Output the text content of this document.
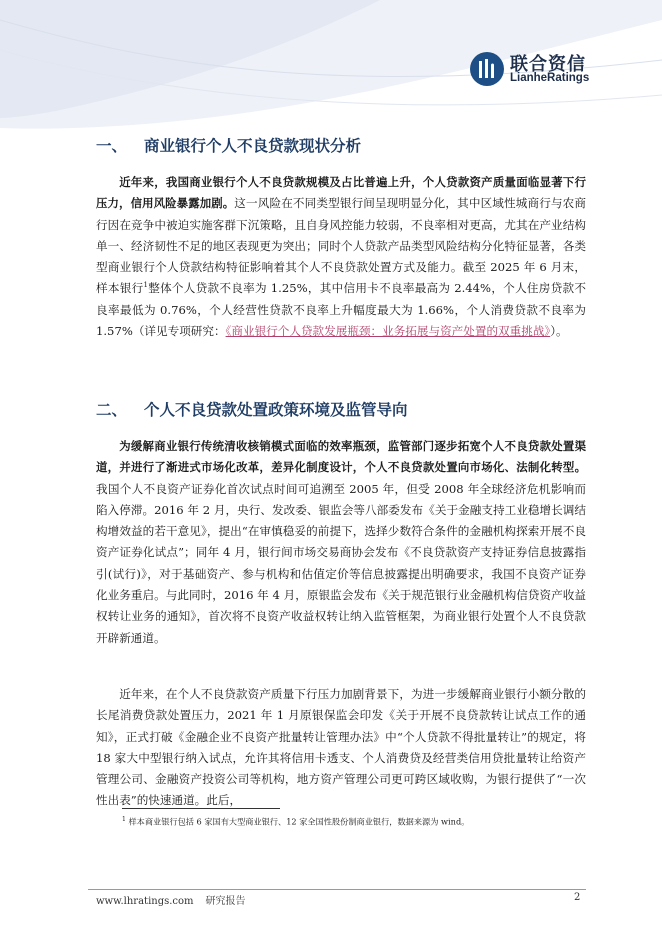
联合资信
LianheRatings
一、 商业银行个人不良贷款现状分析

近年来，我国商业银行个人不良贷款规模及占比普遍上升，个人贷款资产质量面临显著下行压力，信用风险暴露加剧。这一风险在不同类型银行间呈现明显分化，其中区域性城商行与农商行因在竞争中被迫实施客群下沉策略，且自身风控能力较弱，不良率相对更高，尤其在产业结构单一、经济韧性不足的地区表现更为突出；同时个人贷款产品类型风险结构分化特征显著，各类型商业银行个人贷款结构特征影响着其个人不良贷款处置方式及能力。截至 2025 年 6 月末，样本银行$^1$整体个人贷款不良率为 1.25%，其中信用卡不良率最高为 2.44%，个人住房贷款不良率最低为 0.76%，个人经营性贷款不良率上升幅度最大为 1.66%，个人消费贷款不良率为 1.57%（详见专项研究：《商业银行个人贷款发展瓶颈：业务拓展与资产处置的双重挑战》）。

二、 个人不良贷款处置政策环境及监管导向

为缓解商业银行传统清收核销模式面临的效率瓶颈，监管部门逐步拓宽个人不良贷款处置渠道，并进行了渐进式市场化改革，差异化制度设计，个人不良贷款处置向市场化、法制化转型。我国个人不良资产证券化首次试点时间可追溯至 2005 年，但受 2008 年全球经济危机影响而陷入停滞。2016 年 2 月，央行、发改委、银监会等八部委发布《关于金融支持工业稳增长调结构增效益的若干意见》，提出“在审慎稳妥的前提下，选择少数符合条件的金融机构探索开展不良资产证券化试点”；同年 4 月，银行间市场交易商协会发布《不良贷款资产支持证券信息披露指引(试行)》，对于基础资产、参与机构和估值定价等信息披露提出明确要求，我国不良资产证券化业务重启。与此同时，2016 年 4 月，原银监会发布《关于规范银行业金融机构信贷资产收益权转让业务的通知》，首次将不良资产收益权转让纳入监管框架，为商业银行处置个人不良贷款开辟新通道。

近年来，在个人不良贷款资产质量下行压力加剧背景下，为进一步缓解商业银行小额分散的长尾消费贷款处置压力，2021 年 1 月原银保监会印发《关于开展不良贷款转让试点工作的通知》，正式打破《金融企业不良资产批量转让管理办法》中“个人贷款不得批量转让”的规定，将 18 家大中型银行纳入试点，允许其将信用卡透支、个人消费贷及经营类信用贷批量转让给资产管理公司、金融资产投资公司等机构，地方资产管理公司更可跨区域收购，为银行提供了“一次性出表”的快速通道。此后，

$^1$ 样本商业银行包括 6 家国有大型商业银行、12 家全国性股份制商业银行，数据来源为 wind。
www.lhratings.com 研究报告	2
